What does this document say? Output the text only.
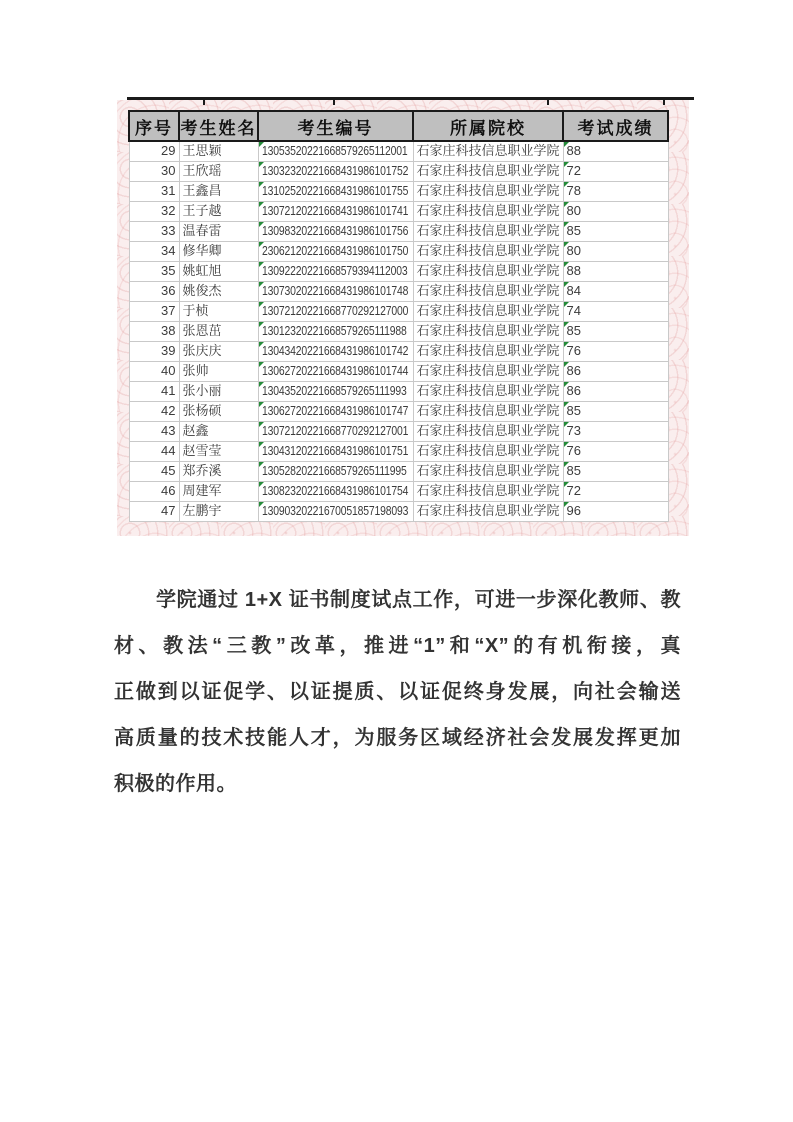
序号	考生姓名	考生编号	所属院校	考试成绩
29	王思颖	13053520221668579265112001	石家庄科技信息职业学院	88
30	王欣瑶	13032320221668431986101752	石家庄科技信息职业学院	72
31	王鑫昌	13102520221668431986101755	石家庄科技信息职业学院	78
32	王子越	13072120221668431986101741	石家庄科技信息职业学院	80
33	温春雷	13098320221668431986101756	石家庄科技信息职业学院	85
34	修华卿	23062120221668431986101750	石家庄科技信息职业学院	80
35	姚虹旭	13092220221668579394112003	石家庄科技信息职业学院	88
36	姚俊杰	13073020221668431986101748	石家庄科技信息职业学院	84
37	于桢	13072120221668770292127000	石家庄科技信息职业学院	74
38	张恩茁	13012320221668579265111988	石家庄科技信息职业学院	85
39	张庆庆	13043420221668431986101742	石家庄科技信息职业学院	76
40	张帅	13062720221668431986101744	石家庄科技信息职业学院	86
41	张小丽	13043520221668579265111993	石家庄科技信息职业学院	86
42	张杨硕	13062720221668431986101747	石家庄科技信息职业学院	85
43	赵鑫	13072120221668770292127001	石家庄科技信息职业学院	73
44	赵雪莹	13043120221668431986101751	石家庄科技信息职业学院	76
45	郑乔溪	13052820221668579265111995	石家庄科技信息职业学院	85
46	周建军	13082320221668431986101754	石家庄科技信息职业学院	72
47	左鹏宇	13090320221670051857198093	石家庄科技信息职业学院	96
学院通过 1+X 证书制度试点工作，可进一步深化教师、教
材、教法“三教”改革，推进“1”和“X”的有机衔接，真
正做到以证促学、以证提质、以证促终身发展，向社会输送
高质量的技术技能人才，为服务区域经济社会发展发挥更加
积极的作用。
